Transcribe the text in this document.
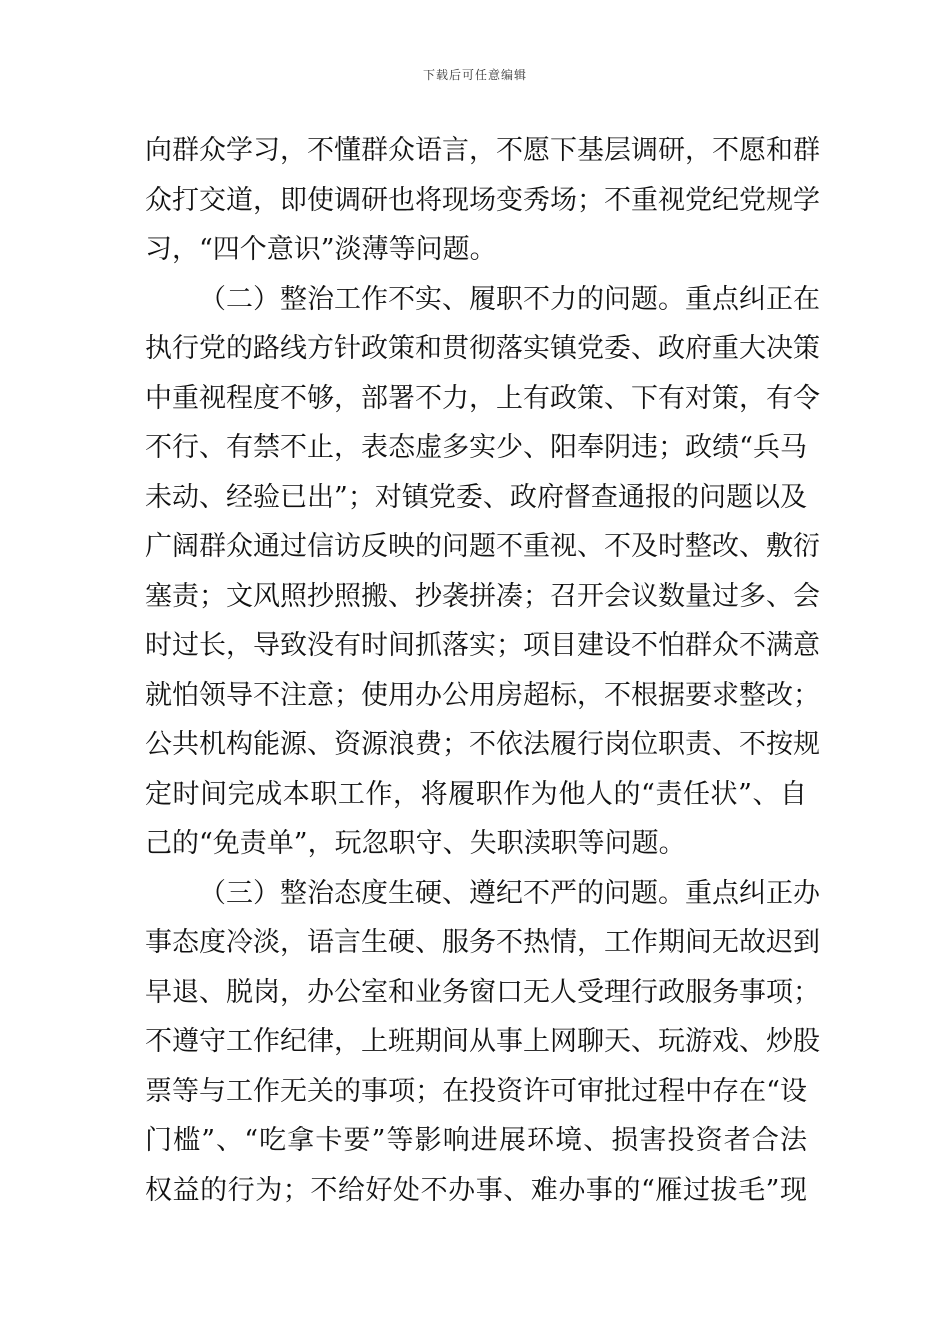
下载后可任意编辑
向群众学习，不懂群众语言，不愿下基层调研，不愿和群
众打交道，即使调研也将现场变秀场；不重视党纪党规学
习，“四个意识”淡薄等问题。
（二）整治工作不实、履职不力的问题。重点纠正在
执行党的路线方针政策和贯彻落实镇党委、政府重大决策
中重视程度不够，部署不力，上有政策、下有对策，有令
不行、有禁不止，表态虚多实少、阳奉阴违；政绩“兵马
未动、经验已出”；对镇党委、政府督查通报的问题以及
广阔群众通过信访反映的问题不重视、不及时整改、敷衍
塞责；文风照抄照搬、抄袭拼凑；召开会议数量过多、会
时过长，导致没有时间抓落实；项目建设不怕群众不满意
就怕领导不注意；使用办公用房超标，不根据要求整改；
公共机构能源、资源浪费；不依法履行岗位职责、不按规
定时间完成本职工作，将履职作为他人的“责任状”、自
己的“免责单”，玩忽职守、失职渎职等问题。
（三）整治态度生硬、遵纪不严的问题。重点纠正办
事态度冷淡，语言生硬、服务不热情，工作期间无故迟到
早退、脱岗，办公室和业务窗口无人受理行政服务事项；
不遵守工作纪律，上班期间从事上网聊天、玩游戏、炒股
票等与工作无关的事项；在投资许可审批过程中存在“设
门槛”、“吃拿卡要”等影响进展环境、损害投资者合法
权益的行为；不给好处不办事、难办事的“雁过拔毛”现
